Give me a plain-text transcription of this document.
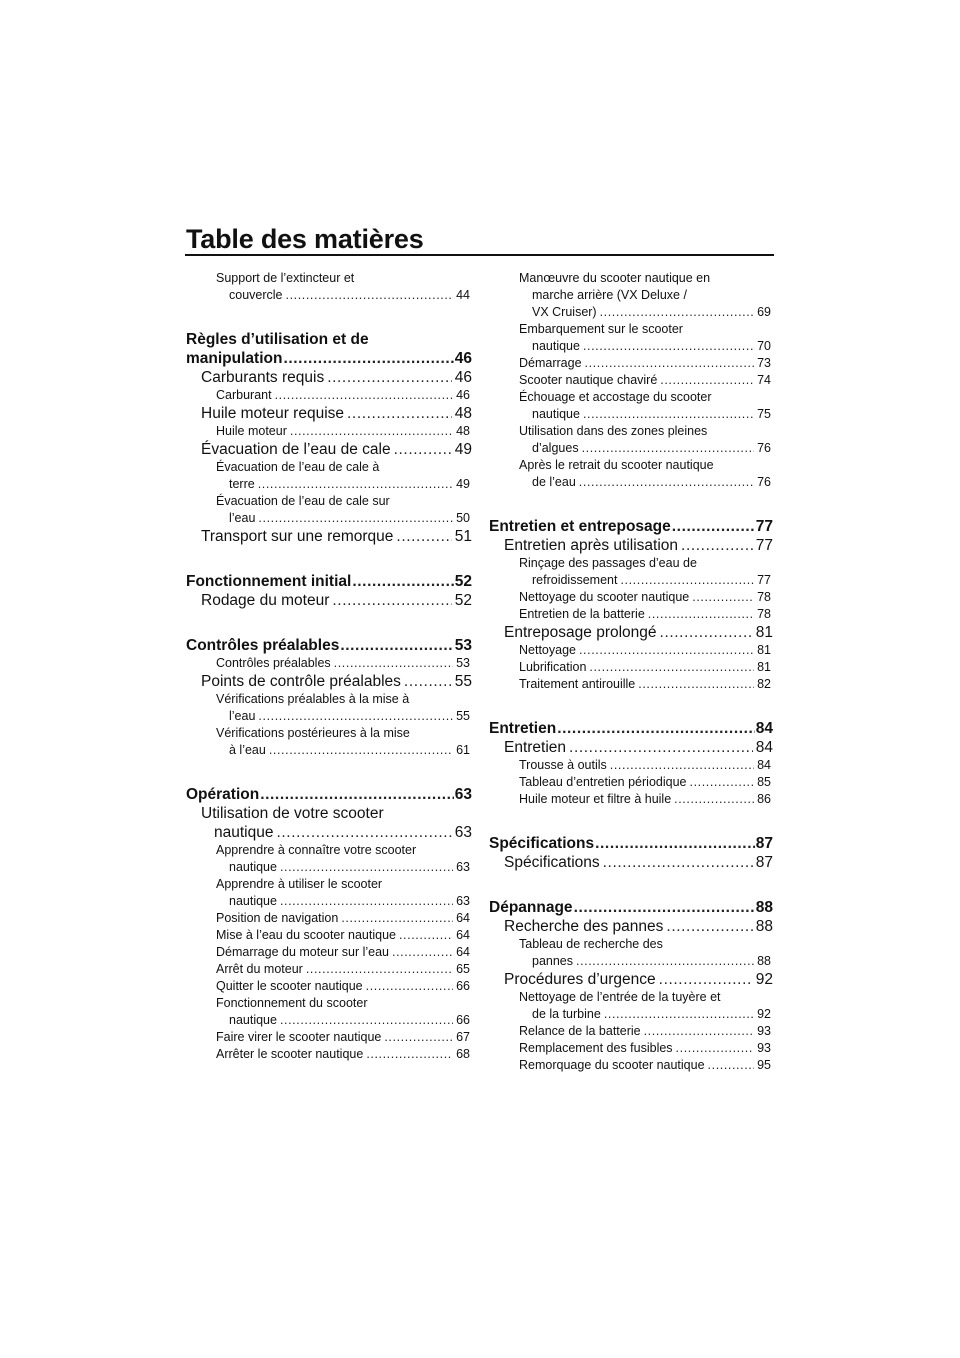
Table des matières
Support de l’extincteur et
couvercle .....	44
Règles d’utilisation et de
manipulation .....	46
Carburants requis .....	46
Carburant .....	46
Huile moteur requise .....	48
Huile moteur .....	48
Évacuation de l’eau de cale .....	49
Évacuation de l’eau de cale à
terre .....	49
Évacuation de l’eau de cale sur
l’eau .....	50
Transport sur une remorque .....	51
Fonctionnement initial .....	52
Rodage du moteur .....	52
Contrôles préalables .....	53
Contrôles préalables .....	53
Points de contrôle préalables .....	55
Vérifications préalables à la mise à
l’eau .....	55
Vérifications postérieures à la mise
à l’eau .....	61
Opération .....	63
Utilisation de votre scooter
nautique .....	63
Apprendre à connaître votre scooter
nautique .....	63
Apprendre à utiliser le scooter
nautique .....	63
Position de navigation .....	64
Mise à l’eau du scooter nautique .....	64
Démarrage du moteur sur l’eau .....	64
Arrêt du moteur .....	65
Quitter le scooter nautique .....	66
Fonctionnement du scooter
nautique .....	66
Faire virer le scooter nautique .....	67
Arrêter le scooter nautique .....	68
Manœuvre du scooter nautique en
marche arrière (VX Deluxe /
VX Cruiser) .....	69
Embarquement sur le scooter
nautique .....	70
Démarrage .....	73
Scooter nautique chaviré .....	74
Échouage et accostage du scooter
nautique .....	75
Utilisation dans des zones pleines
d’algues .....	76
Après le retrait du scooter nautique
de l’eau .....	76
Entretien et entreposage .....	77
Entretien après utilisation .....	77
Rinçage des passages d’eau de
refroidissement .....	77
Nettoyage du scooter nautique .....	78
Entretien de la batterie .....	78
Entreposage prolongé .....	81
Nettoyage .....	81
Lubrification .....	81
Traitement antirouille .....	82
Entretien .....	84
Entretien .....	84
Trousse à outils .....	84
Tableau d’entretien périodique .....	85
Huile moteur et filtre à huile .....	86
Spécifications .....	87
Spécifications .....	87
Dépannage .....	88
Recherche des pannes .....	88
Tableau de recherche des
pannes .....	88
Procédures d’urgence .....	92
Nettoyage de l’entrée de la tuyère et
de la turbine .....	92
Relance de la batterie .....	93
Remplacement des fusibles .....	93
Remorquage du scooter nautique .....	95
